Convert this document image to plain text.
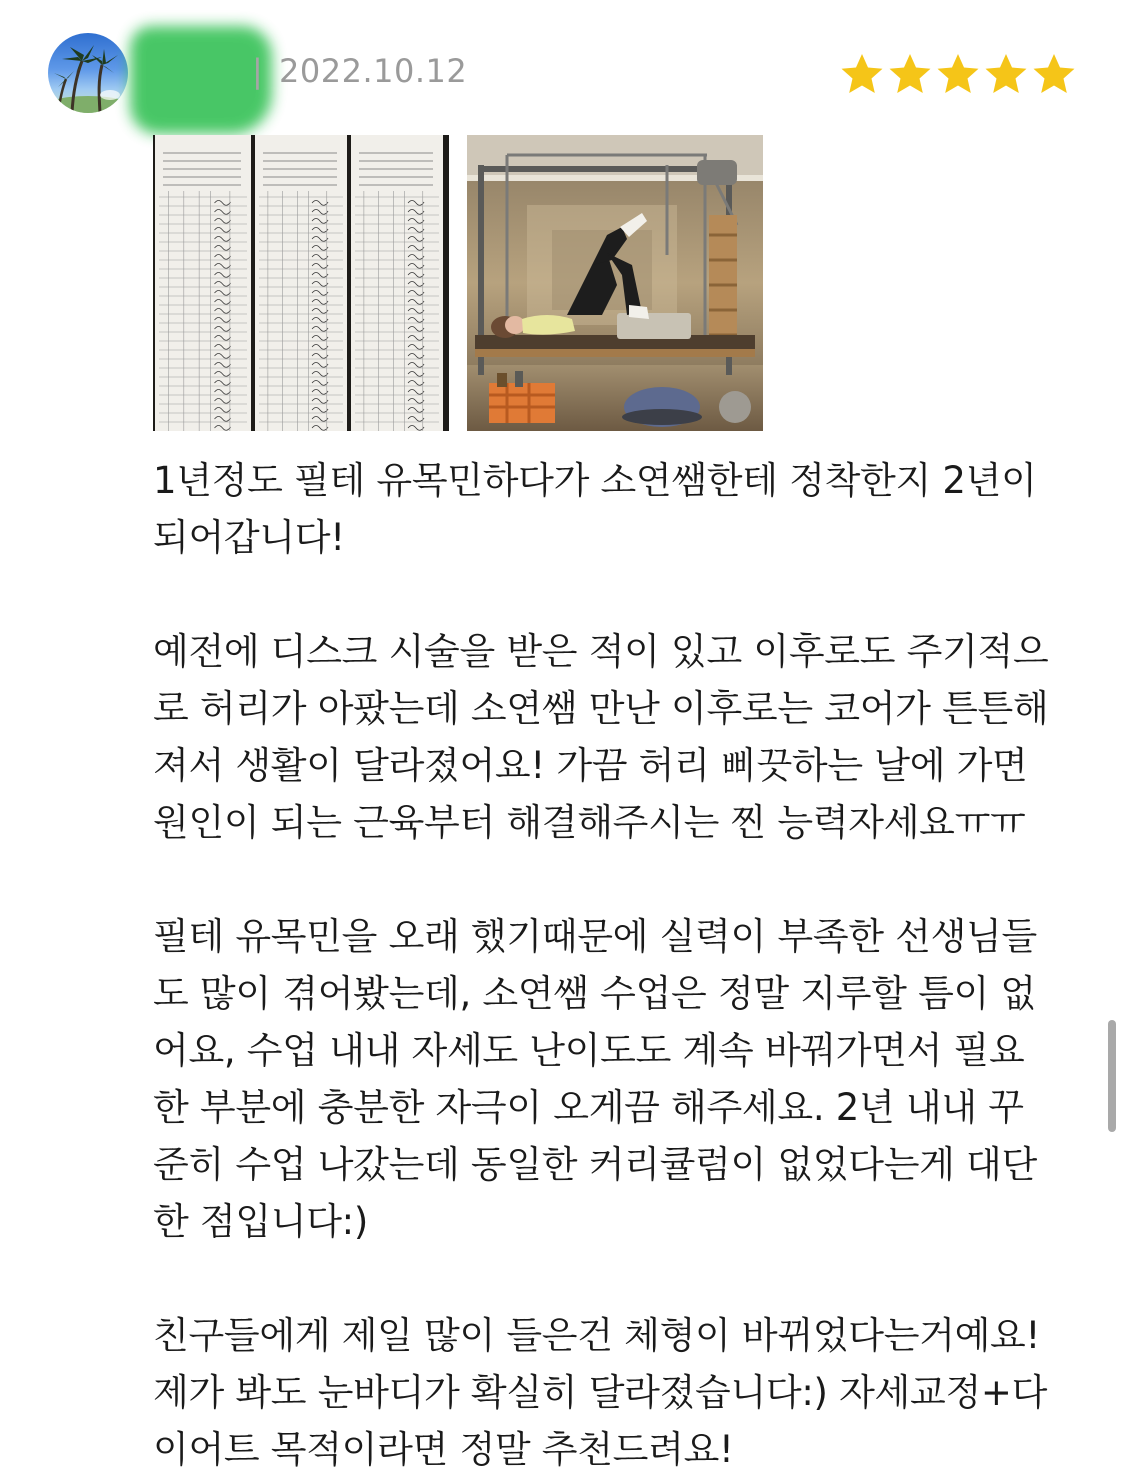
| 2022.10.12

1년정도 필테 유목민하다가 소연쌤한테 정착한지 2년이
되어갑니다!

예전에 디스크 시술을 받은 적이 있고 이후로도 주기적으
로 허리가 아팠는데 소연쌤 만난 이후로는 코어가 튼튼해
져서 생활이 달라졌어요! 가끔 허리 삐끗하는 날에 가면
원인이 되는 근육부터 해결해주시는 찐 능력자세요ㅠㅠ

필테 유목민을 오래 했기때문에 실력이 부족한 선생님들
도 많이 겪어봤는데, 소연쌤 수업은 정말 지루할 틈이 없
어요, 수업 내내 자세도 난이도도 계속 바꿔가면서 필요
한 부분에 충분한 자극이 오게끔 해주세요. 2년 내내 꾸
준히 수업 나갔는데 동일한 커리큘럼이 없었다는게 대단
한 점입니다:)

친구들에게 제일 많이 들은건 체형이 바뀌었다는거예요!
제가 봐도 눈바디가 확실히 달라졌습니다:) 자세교정+다
이어트 목적이라면 정말 추천드려요!
